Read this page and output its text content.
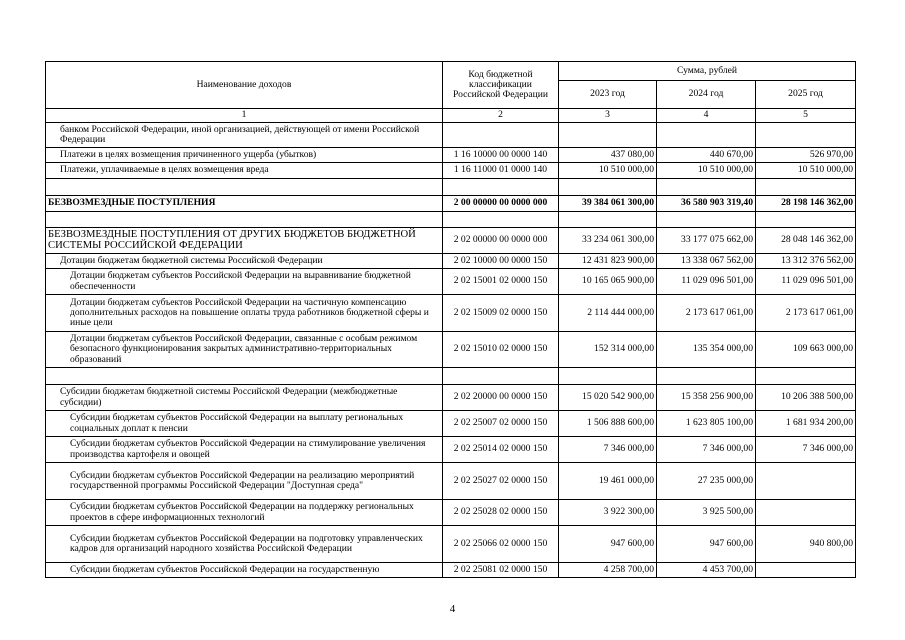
Наименование доходов	Код бюджетной классификации Российской Федерации	Сумма, рублей		
		2023 год	2024 год	2025 год
1	2	3	4	5
банком Российской Федерации, иной организацией, действующей от имени Российской Федерации				
Платежи в целях возмещения причиненного ущерба (убытков)	1 16 10000 00 0000 140	437 080,00	440 670,00	526 970,00
Платежи, уплачиваемые в целях возмещения вреда	1 16 11000 01 0000 140	10 510 000,00	10 510 000,00	10 510 000,00

БЕЗВОЗМЕЗДНЫЕ ПОСТУПЛЕНИЯ	2 00 00000 00 0000 000	39 384 061 300,00	36 580 903 319,40	28 198 146 362,00

БЕЗВОЗМЕЗДНЫЕ ПОСТУПЛЕНИЯ ОТ ДРУГИХ БЮДЖЕТОВ БЮДЖЕТНОЙ СИСТЕМЫ РОССИЙСКОЙ ФЕДЕРАЦИИ	2 02 00000 00 0000 000	33 234 061 300,00	33 177 075 662,00	28 048 146 362,00
Дотации бюджетам бюджетной системы Российской Федерации	2 02 10000 00 0000 150	12 431 823 900,00	13 338 067 562,00	13 312 376 562,00
Дотации бюджетам субъектов Российской Федерации на выравнивание бюджетной обеспеченности	2 02 15001 02 0000 150	10 165 065 900,00	11 029 096 501,00	11 029 096 501,00
Дотации бюджетам субъектов Российской Федерации на частичную компенсацию дополнительных расходов на повышение оплаты труда работников бюджетной сферы и иные цели	2 02 15009 02 0000 150	2 114 444 000,00	2 173 617 061,00	2 173 617 061,00
Дотации бюджетам субъектов Российской Федерации, связанные с особым режимом безопасного функционирования закрытых административно-территориальных образований	2 02 15010 02 0000 150	152 314 000,00	135 354 000,00	109 663 000,00

Субсидии бюджетам бюджетной системы Российской Федерации (межбюджетные субсидии)	2 02 20000 00 0000 150	15 020 542 900,00	15 358 256 900,00	10 206 388 500,00
Субсидии бюджетам субъектов Российской Федерации на выплату региональных социальных доплат к пенсии	2 02 25007 02 0000 150	1 506 888 600,00	1 623 805 100,00	1 681 934 200,00
Субсидии бюджетам субъектов Российской Федерации на стимулирование увеличения производства картофеля и овощей	2 02 25014 02 0000 150	7 346 000,00	7 346 000,00	7 346 000,00
Субсидии бюджетам субъектов Российской Федерации на реализацию мероприятий государственной программы Российской Федерации "Доступная среда"	2 02 25027 02 0000 150	19 461 000,00	27 235 000,00	
Субсидии бюджетам субъектов Российской Федерации на поддержку региональных проектов в сфере информационных технологий	2 02 25028 02 0000 150	3 922 300,00	3 925 500,00	
Субсидии бюджетам субъектов Российской Федерации на подготовку управленческих кадров для организаций народного хозяйства Российской Федерации	2 02 25066 02 0000 150	947 600,00	947 600,00	940 800,00
Субсидии бюджетам субъектов Российской Федерации на государственную	2 02 25081 02 0000 150	4 258 700,00	4 453 700,00	
4
